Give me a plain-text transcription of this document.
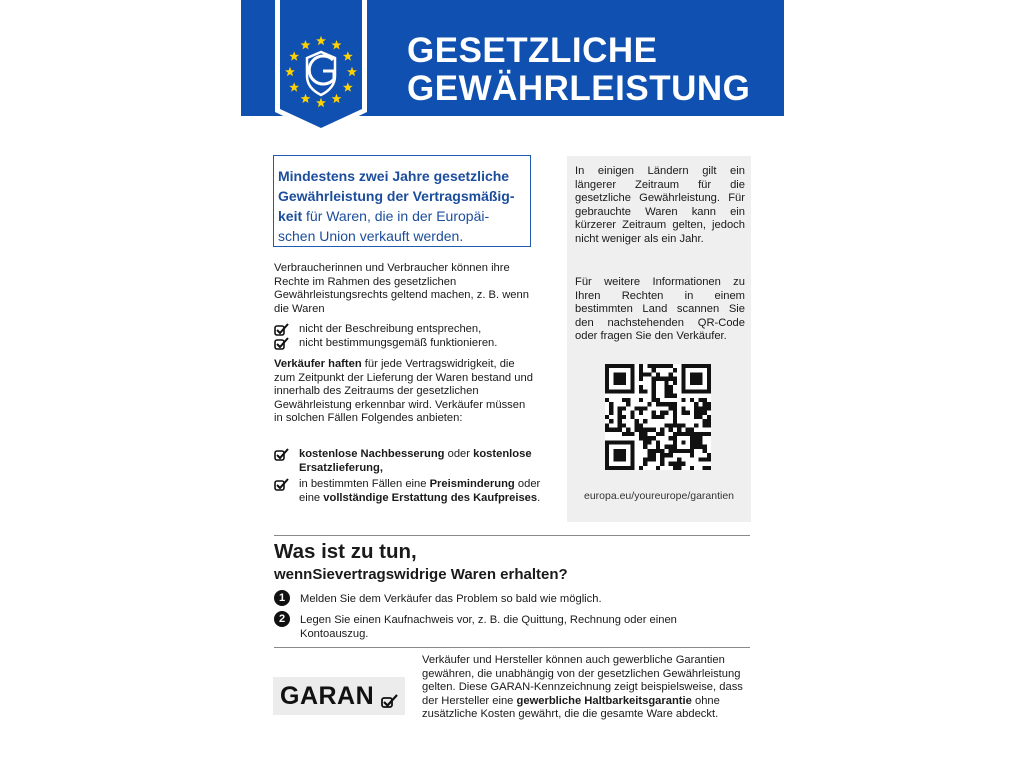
GESETZLICHE
GEWÄHRLEISTUNG
Mindestens zwei Jahre gesetzliche Gewährleistung der Vertragsmäßig-keit für Waren, die in der Europäi-schen Union verkauft werden.
Verbraucherinnen und Verbraucher können ihre Rechte im Rahmen des gesetzlichen Gewährleistungsrechts geltend machen, z. B. wenn die Waren
nicht der Beschreibung entsprechen,
nicht bestimmungsgemäß funktionieren.
Verkäufer haften für jede Vertragswidrigkeit, die zum Zeitpunkt der Lieferung der Waren bestand und innerhalb des Zeitraums der gesetzlichen Gewährleistung erkennbar wird. Verkäufer müssen in solchen Fällen Folgendes anbieten:
kostenlose Nachbesserung oder kostenlose Ersatzlieferung,
in bestimmten Fällen eine Preisminderung oder eine vollständige Erstattung des Kaufpreises.
In einigen Ländern gilt ein längerer Zeitraum für die gesetzliche Gewährleistung. Für gebrauchte Waren kann ein kürzerer Zeitraum gelten, jedoch nicht weniger als ein Jahr.
Für weitere Informationen zu Ihren Rechten in einem bestimmten Land scannen Sie den nachstehenden QR-Code oder fragen Sie den Verkäufer.
europa.eu/youreurope/garantien
Was ist zu tun,
wennSievertragswidrige Waren erhalten?
1	Melden Sie dem Verkäufer das Problem so bald wie möglich.
2	Legen Sie einen Kaufnachweis vor, z. B. die Quittung, Rechnung oder einen Kontoauszug.
GARAN
Verkäufer und Hersteller können auch gewerbliche Garantien gewähren, die unabhängig von der gesetzlichen Gewährleistung gelten. Diese GARAN-Kennzeichnung zeigt beispielsweise, dass der Hersteller eine gewerbliche Haltbarkeitsgarantie ohne zusätzliche Kosten gewährt, die die gesamte Ware abdeckt.
